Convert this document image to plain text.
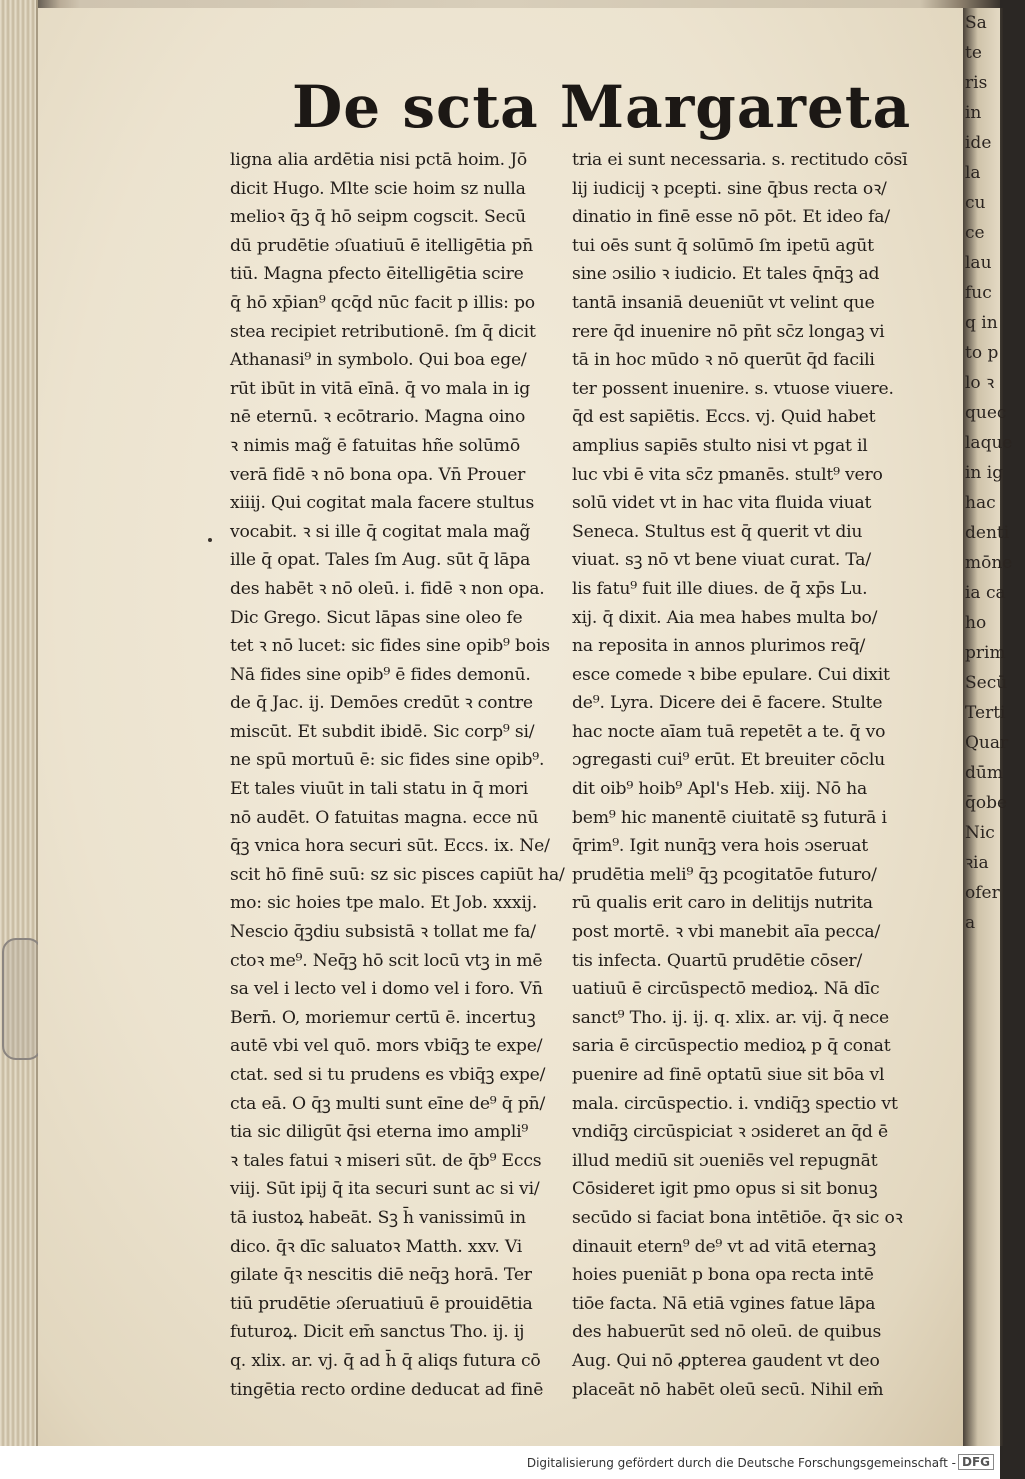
Sa
te
ris
in
ide
la
cu
ce
lau
fuc
q in
to p
lo ꝛ
quec
laque
in ig
hac
denti
mōne
ia ca
ho
prim
Secū
Terti
Quar
dūm
q̄obe
Nic
ꝛia
ofer
a
De scta Margareta
ligna alia ardētia nisi pctā hoim. Jō
dicit Hugo. Mlte scie hoim sz nulla
melioꝛ q̄ꝫ q̄ hō seipm cogscit. Secū
dū prudētie ɔſuatiuū ē itelligētia pn̄
tiū. Magna pfecto ēitelligētia scire
q̄ hō xp̄ian⁹ qcq̄d nūc facit p illis: po
stea recipiet retributionē. ſm q̄ dicit
Athanasi⁹ in symbolo. Qui boa ege/
rūt ibūt in vitā eīnā. q̄ vo mala in ig
nē eternū. ꝛ ecōtrario. Magna oino
ꝛ nimis mag̃ ē fatuitas hñe solūmō
verā fidē ꝛ nō bona opa. Vn̄ Prouer
xiiij. Qui cogitat mala facere stultus
vocabit. ꝛ si ille q̄ cogitat mala mag̃
ille q̄ opat. Tales ſm Aug. sūt q̄ lāpa
des habēt ꝛ nō oleū. i. fidē ꝛ non opa.
Dic Grego. Sicut lāpas sine oleo fe
tet ꝛ nō lucet: sic fides sine opib⁹ bois
Nā fides sine opib⁹ ē fides demonū.
de q̄ Jac. ij. Demōes credūt ꝛ contre
miscūt. Et subdit ibidē. Sic corp⁹ si/
ne spū mortuū ē: sic fides sine opib⁹.
Et tales viuūt in tali statu in q̄ mori
nō audēt. O fatuitas magna. ecce nū
q̄ꝫ vnica hora securi sūt. Eccs. ix. Ne/
scit hō finē suū: sz sic pisces capiūt ha/
mo: sic hoies tpe malo. Et Job. xxxij.
Nescio q̄ꝫdiu subsistā ꝛ tollat me fa/
ctoꝛ me⁹. Neq̄ꝫ hō scit locū vtꝫ in mē
sa vel i lecto vel i domo vel i foro. Vn̄
Bern̄. O, moriemur certū ē. incertuꝫ
autē vbi vel quō. mors vbiq̄ꝫ te expe/
ctat. sed si tu prudens es vbiq̄ꝫ expe/
cta eā. O q̄ꝫ multi sunt eīne de⁹ q̄ pn̄/
tia sic diligūt q̄si eterna imo ampli⁹
ꝛ tales fatui ꝛ miseri sūt. de q̄b⁹ Eccs
viij. Sūt ipij q̄ ita securi sunt ac si vi/
tā iustoꝝ habeāt. Sꝫ h̄ vanissimū in
dico. q̄ꝛ dīc saluatoꝛ Matth. xxv. Vi
gilate q̄ꝛ nescitis diē neq̄ꝫ horā. Ter
tiū prudētie ɔſeruatiuū ē prouidētia
futuroꝝ. Dicit em̄ sanctus Tho. ij. ij
q. xlix. ar. vj. q̄ ad h̄ q̄ aliqs futura cō
tingētia recto ordine deducat ad finē
tria ei sunt necessaria. s. rectitudo cōsī
lij iudicij ꝛ pcepti. sine q̄bus recta oꝛ/
dinatio in finē esse nō pōt. Et ideo fa/
tui oēs sunt q̄ solūmō ſm ipetū agūt
sine ɔsilio ꝛ iudicio. Et tales q̄nq̄ꝫ ad
tantā insaniā deueniūt vt velint que
rere q̄d inuenire nō pn̄t sc̄z longaꝫ vi
tā in hoc mūdo ꝛ nō querūt q̄d facili
ter possent inuenire. s. vtuose viuere.
q̄d est sapiētis. Eccs. vj. Quid habet
amplius sapiēs stulto nisi vt pgat il
luc vbi ē vita sc̄z pmanēs. stult⁹ vero
solū videt vt in hac vita fluida viuat
Seneca. Stultus est q̄ querit vt diu
viuat. sꝫ nō vt bene viuat curat. Ta/
lis fatu⁹ fuit ille diues. de q̄ xp̄s Lu.
xij. q̄ dixit. Aia mea habes multa bo/
na reposita in annos plurimos req̄/
esce comede ꝛ bibe epulare. Cui dixit
de⁹. Lyra. Dicere dei ē facere. Stulte
hac nocte aīam tuā repetēt a te. q̄ vo
ɔgregasti cui⁹ erūt. Et breuiter cōclu
dit oib⁹ hoib⁹ Apl's Heb. xiij. Nō ha
bem⁹ hic manentē ciuitatē sꝫ futurā i
q̄rim⁹. Igit nunq̄ꝫ vera hois ɔseruat
prudētia meli⁹ q̄ꝫ pcogitatōe futuro/
rū qualis erit caro in delitijs nutrita
post mortē. ꝛ vbi manebit aīa pecca/
tis infecta. Quartū prudētie cōser/
uatiuū ē circūspectō medioꝝ. Nā dīc
sanct⁹ Tho. ij. ij. q. xlix. ar. vij. q̄ nece
saria ē circūspectio medioꝝ p q̄ conat
puenire ad finē optatū siue sit bōa vl
mala. circūspectio. i. vndiq̄ꝫ spectio vt
vndiq̄ꝫ circūspiciat ꝛ ɔsideret an q̄d ē
illud mediū sit ɔueniēs vel repugnāt
Cōsideret igit pmo opus si sit bonuꝫ
secūdo si faciat bona intētiōe. q̄ꝛ sic oꝛ
dinauit etern⁹ de⁹ vt ad vitā eternaꝫ
hoies pueniāt p bona opa recta intē
tiōe facta. Nā etiā vgines fatue lāpa
des habuerūt sed nō oleū. de quibus
Aug. Qui nō ꝓpterea gaudent vt deo
placeāt nō habēt oleū secū. Nihil em̄
Digitalisierung gefördert durch die Deutsche Forschungsgemeinschaft - DFG
